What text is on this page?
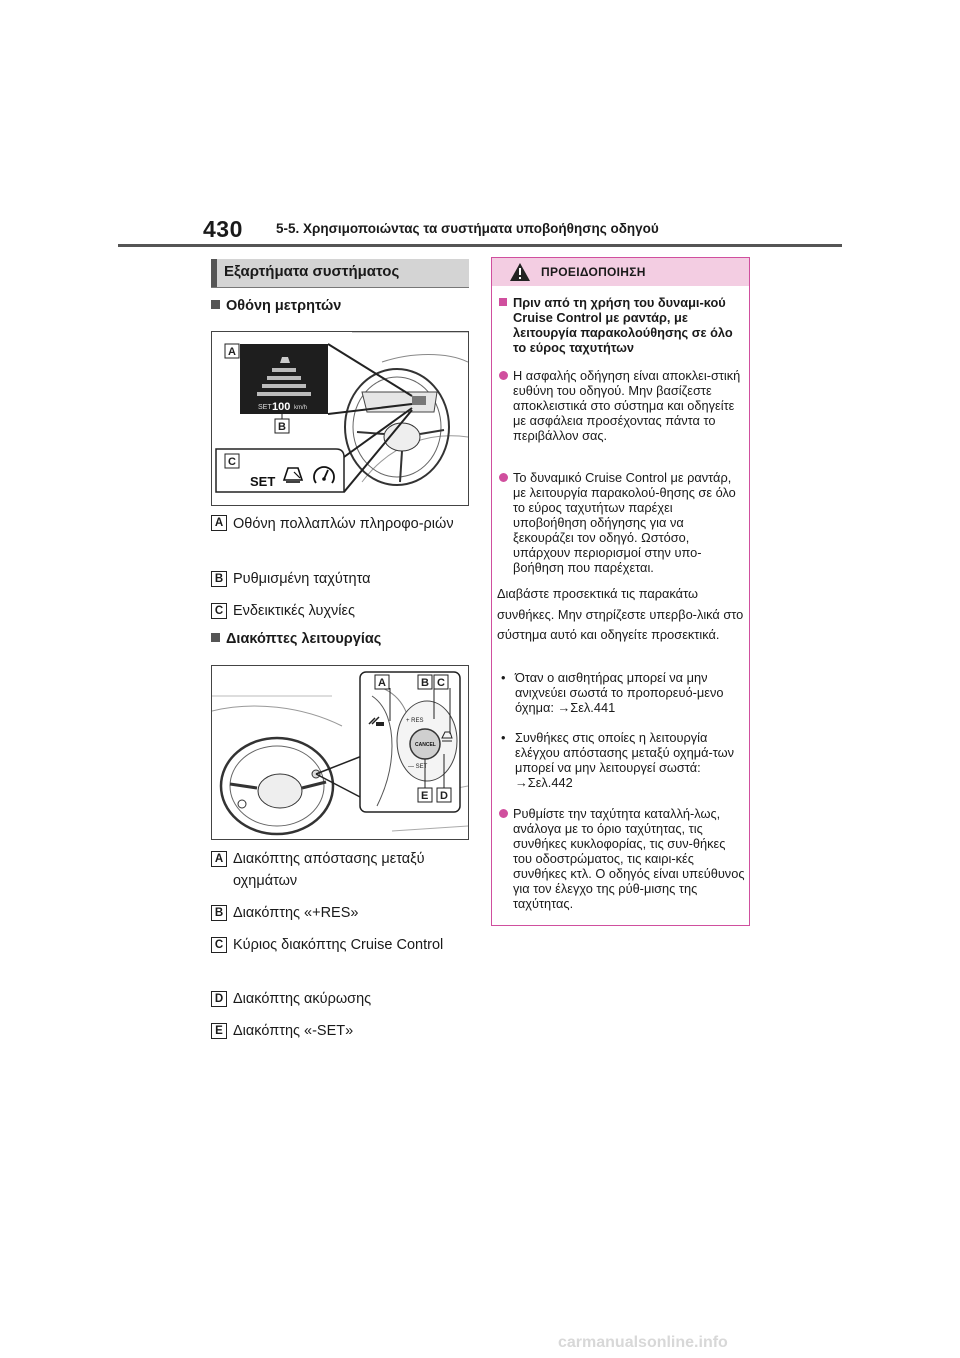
430 5-5. Χρησιμοποιώντας τα συστήματα υποβοήθησης οδηγού
Εξαρτήματα συστήματος
Οθόνη μετρητών
SET 100 km/h
SET
A
B
C
A Οθόνη πολλαπλών πληροφο-ριών
B Ρυθμισμένη ταχύτητα
C Ενδεικτικές λυχνίες
Διακόπτες λειτουργίας
+ RES
CANCEL
— SET
A	B C
E D
A Διακόπτης απόστασης μεταξύ οχημάτων
B Διακόπτης «+RES»
C Κύριος διακόπτης Cruise Control
D Διακόπτης ακύρωσης
E Διακόπτης «-SET»
ΠΡΟΕΙΔΟΠΟΙΗΣΗ
Πριν από τη χρήση του δυναμι-κού Cruise Control με ραντάρ, με λειτουργία παρακολούθησης σε όλο το εύρος ταχυτήτων
Η ασφαλής οδήγηση είναι αποκλει-στική ευθύνη του οδηγού. Μην βασίζεστε αποκλειστικά στο σύστημα και οδηγείτε με ασφάλεια προσέχοντας πάντα το περιβάλλον σας.
Το δυναμικό Cruise Control με ραντάρ, με λειτουργία παρακολού-θησης σε όλο το εύρος ταχυτήτων παρέχει υποβοήθηση οδήγησης για να ξεκουράζει τον οδηγό. Ωστόσο, υπάρχουν περιορισμοί στην υπο-βοήθηση που παρέχεται.
Διαβάστε προσεκτικά τις παρακάτω συνθήκες. Μην στηρίζεστε υπερβο-λικά στο σύστημα αυτό και οδηγείτε προσεκτικά.
• Όταν ο αισθητήρας μπορεί να μην ανιχνεύει σωστά το προπορευό-μενο όχημα: →Σελ.441
• Συνθήκες στις οποίες η λειτουργία ελέγχου απόστασης μεταξύ οχημά-των μπορεί να μην λειτουργεί σωστά: →Σελ.442
Ρυθμίστε την ταχύτητα καταλλή-λως, ανάλογα με το όριο ταχύτητας, τις συνθήκες κυκλοφορίας, τις συν-θήκες του οδοστρώματος, τις καιρι-κές συνθήκες κτλ. Ο οδηγός είναι υπεύθυνος για τον έλεγχο της ρύθ-μισης της ταχύτητας.
carmanualsonline.info
